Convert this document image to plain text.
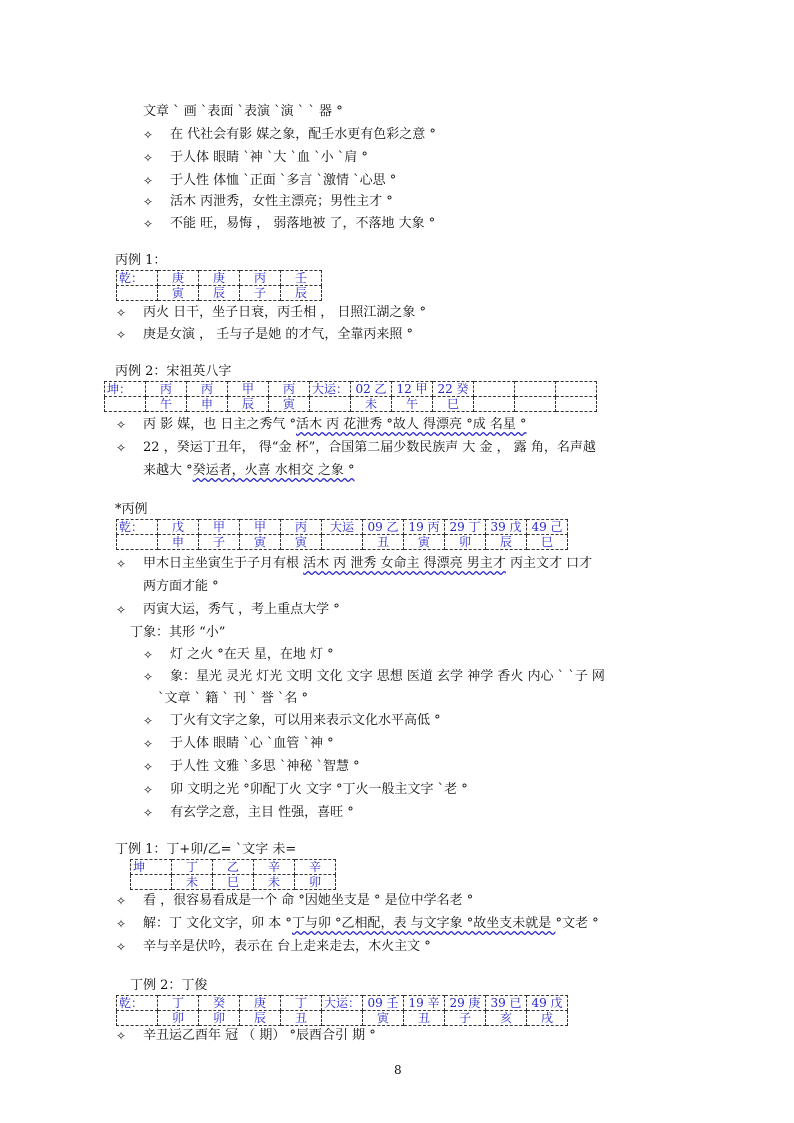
文章 ` 画 `表面 `表演 `演 ` ` 器 °
✧ 在 代社会有影 媒之象，配壬水更有色彩之意 °
✧ 于人体 眼睛 `神 `大 `血 `小 `肩 °
✧ 于人性 体恤 `正面 `多言 `激情 `心思 °
✧ 活木 丙泄秀，女性主漂亮；男性主才 °
✧ 不能 旺，易悔 ， 弱落地被 了，不落地 大象 °
丙例 1：
乾：	庚	庚	丙	壬
	寅	辰	子	辰
✧ 丙火 日干，坐子日衰，丙壬相 ， 日照江湖之象 °
✧ 庚是女演 ， 壬与子是她 的才气，全靠丙来照 °
丙例 2：宋祖英八字
坤：	丙	丙	甲	丙	大运：	02 乙	12 甲	22 癸			
	午	申	辰	寅		未	午	巳			
✧ 丙 影 媒，也 日主之秀气 °活木 丙 花泄秀 °故人 得漂亮 °成 名星 °
✧ 22 ，癸运丁丑年， 得“金 杯”，合国第二届少数民族声 大 金 ， 露 角，名声越
来越大 °癸运者，火喜 水相交 之象 °
*丙例
乾：	戊	甲	甲	丙	大运	09 乙	19 丙	29 丁	39 戊	49 己
	申	子	寅	寅		丑	寅	卯	辰	巳
✧ 甲木日主坐寅生于子月有根 活木 丙 泄秀 女命主 得漂亮 男主才 丙主文才 口才
两方面才能 °
✧ 丙寅大运，秀气 ，考上重点大学 °
丁象：其形 “小”
✧ 灯 之火 °在天 星，在地 灯 °
✧ 象：星光 灵光 灯光 文明 文化 文字 思想 医道 玄学 神学 香火 内心 ` `子 网
`文章 ` 籍 ` 刊 ` 誉 `名 °
✧ 丁火有文字之象，可以用来表示文化水平高低 °
✧ 于人体 眼睛 `心 `血管 `神 °
✧ 于人性 文雅 `多思 `神秘 `智慧 °
✧ 卯 文明之光 °卯配丁火 文字 °丁火一般主文字 `老 °
✧ 有玄学之意，主目 性强，喜旺 °
丁例 1：丁+卯/乙= `文字 未=
坤	丁	乙	辛	辛
	未	巳	未	卯
✧ 看 ，很容易看成是一个 命 °因她坐支是 ° 是位中学名老 °
✧ 解：丁 文化文字，卯 本 °丁与卯 °乙相配，表 与文字象 °故坐支未就是 °文老 °
✧ 辛与辛是伏吟，表示在 台上走来走去，木火主文 °
丁例 2：丁俊
乾：	丁	癸	庚	丁	大运：	09 壬	19 辛	29 庚	39 已	49 戊
	卯	卯	辰	丑		寅	丑	子	亥	戌
✧ 辛丑运乙酉年 冠 （ 期） °辰酉合引 期 °
8
